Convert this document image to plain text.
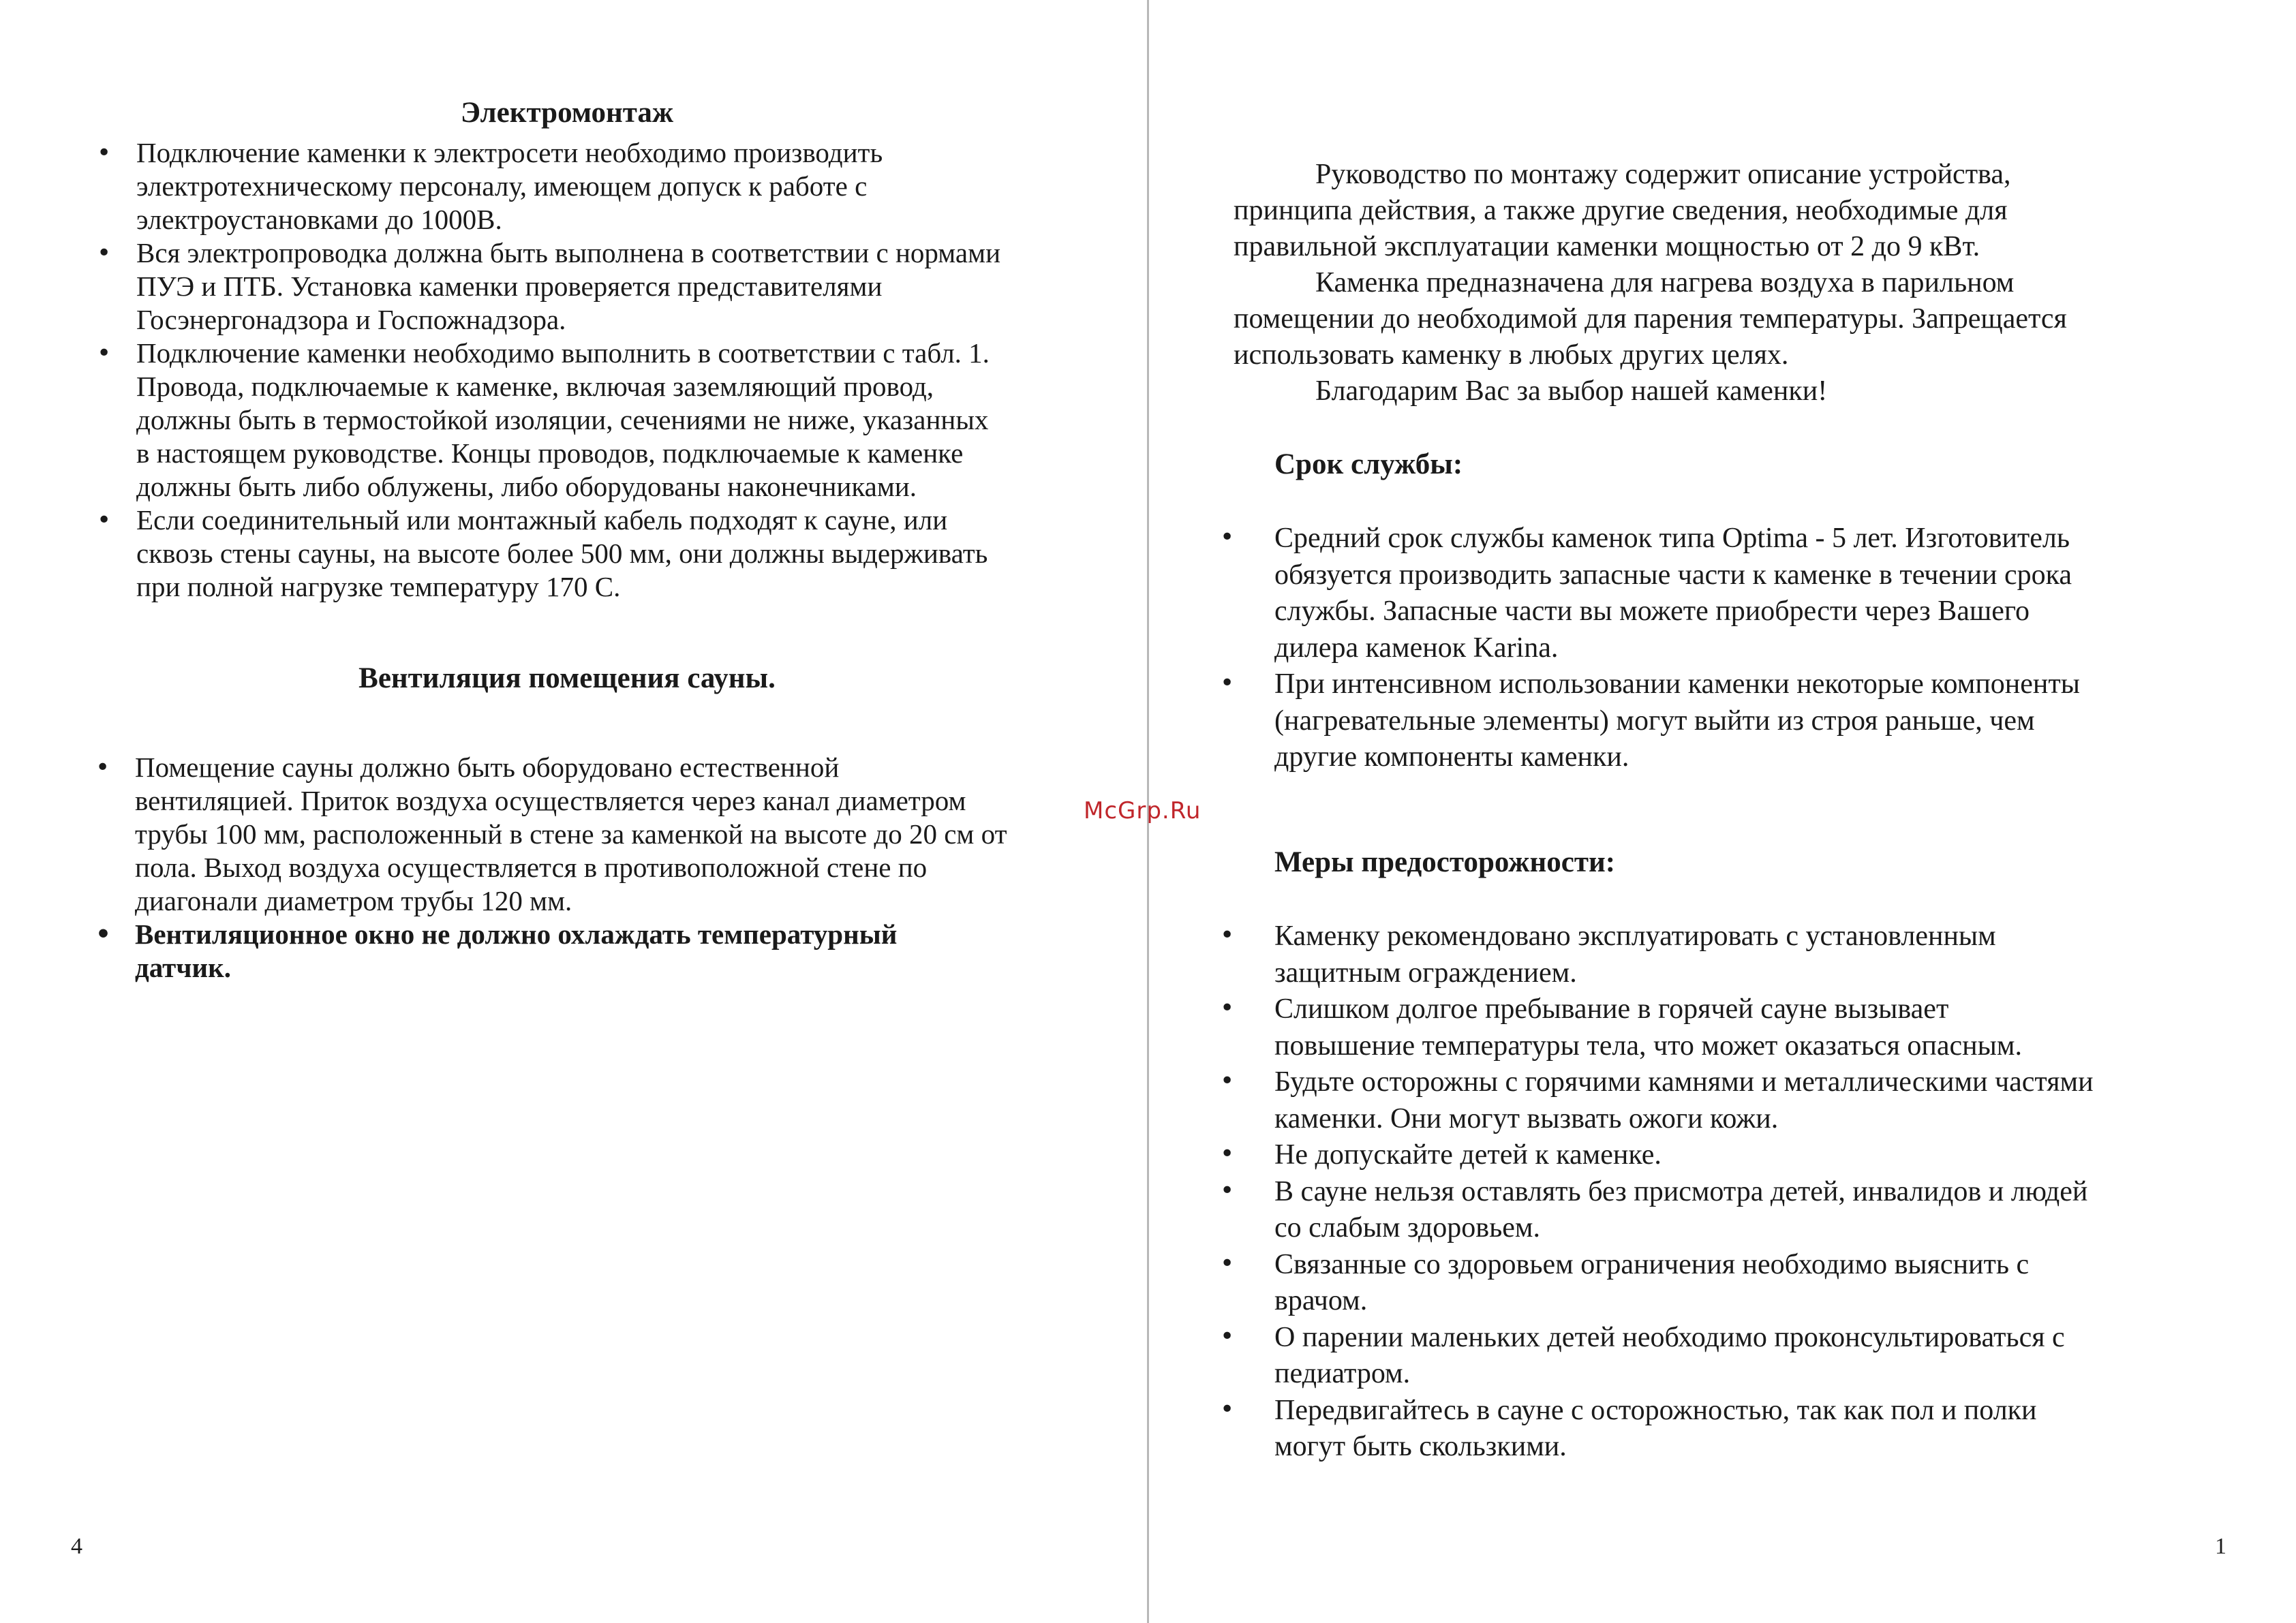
Электромонтаж
• Подключение каменки к электросети необходимо производить
электротехническому персоналу, имеющем допуск к работе с
электроустановками до 1000В.
• Вся электропроводка должна быть выполнена в соответствии с нормами
ПУЭ и ПТБ. Установка каменки проверяется представителями
Госэнергонадзора и Госпожнадзора.
• Подключение каменки необходимо выполнить в соответствии с табл. 1.
Провода, подключаемые к каменке, включая заземляющий провод,
должны быть в термостойкой изоляции, сечениями не ниже, указанных
в настоящем руководстве. Концы проводов, подключаемые к каменке
должны быть либо облужены, либо оборудованы наконечниками.
• Если соединительный или монтажный кабель подходят к сауне, или
сквозь стены сауны, на высоте более 500 мм, они должны выдерживать
при полной нагрузке температуру 170 С.
Вентиляция помещения сауны.
• Помещение сауны должно быть оборудовано естественной
вентиляцией. Приток воздуха осуществляется через канал диаметром
трубы 100 мм, расположенный в стене за каменкой на высоте до 20 см от
пола. Выход воздуха осуществляется в противоположной стене по
диагонали диаметром трубы 120 мм.
• Вентиляционное окно не должно охлаждать температурный
датчик.
4
McGrp.Ru

Руководство по монтажу содержит описание устройства,
принципа действия, а также другие сведения, необходимые для
правильной эксплуатации каменки мощностью от 2 до 9 кВт.

Каменка предназначена для нагрева воздуха в парильном
помещении до необходимой для парения температуры. Запрещается
использовать каменку в любых других целях.

Благодарим Вас за выбор нашей каменки!

Срок службы:
• Средний срок службы каменок типа Optima - 5 лет. Изготовитель
обязуется производить запасные части к каменке в течении срока
службы. Запасные части вы можете приобрести через Вашего
дилера каменок Karina.
• При интенсивном использовании каменки некоторые компоненты
(нагревательные элементы) могут выйти из строя раньше, чем
другие компоненты каменки.
Меры предосторожности:
• Каменку рекомендовано эксплуатировать с установленным
защитным ограждением.
• Слишком долгое пребывание в горячей сауне вызывает
повышение температуры тела, что может оказаться опасным.
• Будьте осторожны с горячими камнями и металлическими частями
каменки. Они могут вызвать ожоги кожи.
• Не допускайте детей к каменке.
• В сауне нельзя оставлять без присмотра детей, инвалидов и людей
со слабым здоровьем.
• Связанные со здоровьем ограничения необходимо выяснить с
врачом.
• О парении маленьких детей необходимо проконсультироваться с
педиатром.
• Передвигайтесь в сауне с осторожностью, так как пол и полки
могут быть скользкими.
1
